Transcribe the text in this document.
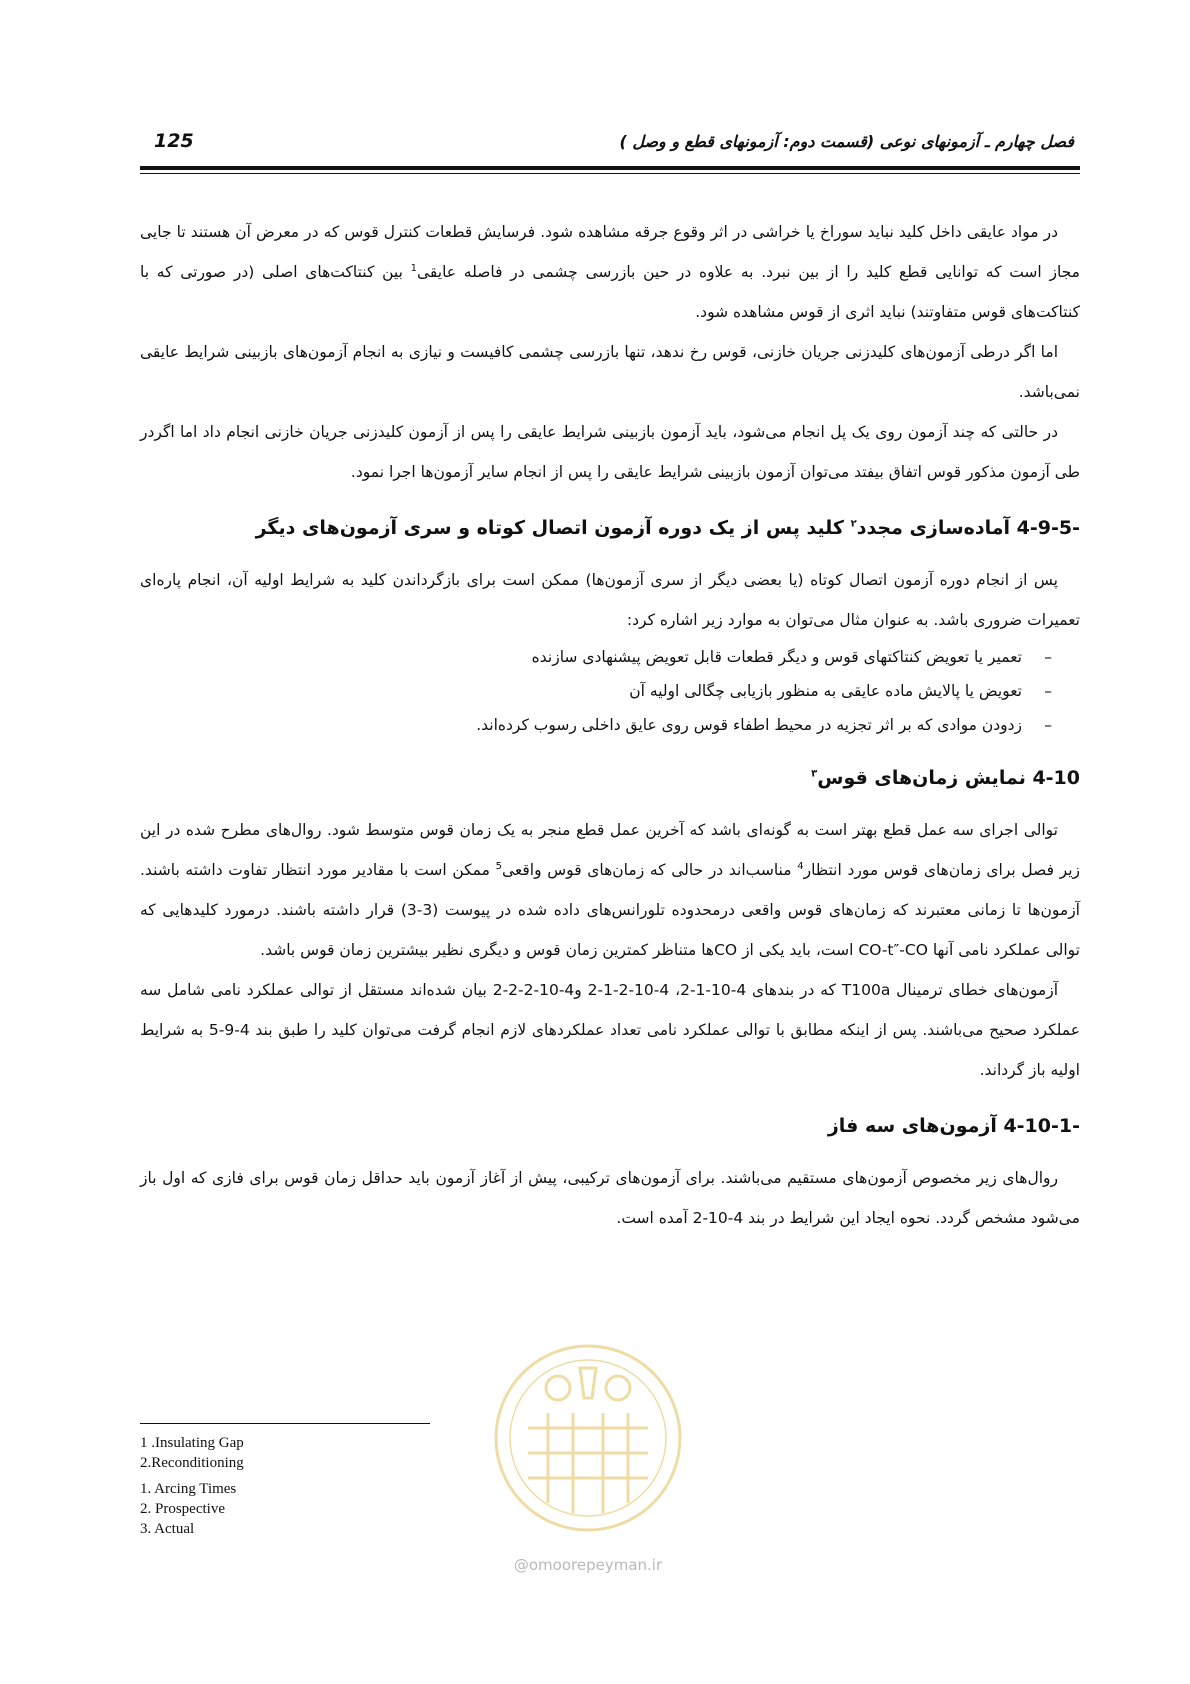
125	فصل چهارم ـ آزمونهای نوعی (قسمت دوم: آزمونهای قطع و وصل )

در مواد عایقی داخل کلید نباید سوراخ یا خراشی در اثر وقوع جرقه مشاهده شود. فرسایش قطعات کنترل قوس که در معرض آن هستند تا جایی مجاز است که توانایی قطع کلید را از بین نبرد. به علاوه در حین بازرسی چشمی در فاصله عایقی$^1$ بین کنتاکت‌های اصلی (در صورتی که با کنتاکت‌های قوس متفاوتند) نباید اثری از قوس مشاهده شود.

اما اگر درطی آزمون‌های کلیدزنی جریان خازنی، قوس رخ ندهد، تنها بازرسی چشمی کافیست و نیازی به انجام آزمون‌های بازبینی شرایط عایقی نمی‌باشد.

در حالتی که چند آزمون روی یک پل انجام می‌شود، باید آزمون بازبینی شرایط عایقی را پس از آزمون کلیدزنی جریان خازنی انجام داد اما اگردر طی آزمون مذکور قوس اتفاق بیفتد می‌توان آزمون بازبینی شرایط عایقی را پس از انجام سایر آزمون‌ها اجرا نمود.

4-9-5- آماده‌سازی مجدد$^۲$ کلید پس از یک دوره آزمون اتصال کوتاه و سری آزمون‌های دیگر

پس از انجام دوره آزمون اتصال کوتاه (یا بعضی دیگر از سری آزمون‌ها) ممکن است برای بازگرداندن کلید به شرایط اولیه آن، انجام پاره‌ای تعمیرات ضروری باشد. به عنوان مثال می‌توان به موارد زیر اشاره کرد:

–
تعمیر یا تعویض کنتاکتهای قوس و دیگر قطعات قابل تعویض پیشنهادی سازنده
–
تعویض یا پالایش ماده عایقی به منظور بازیابی چگالی اولیه آن
–
زدودن موادی که بر اثر تجزیه در محیط اطفاء قوس روی عایق داخلی رسوب کرده‌اند.
4-10 نمایش زمان‌های قوس$^۳$

توالی اجرای سه عمل قطع بهتر است به گونه‌ای باشد که آخرین عمل قطع منجر به یک زمان قوس متوسط شود. روال‌های مطرح شده در این زیر فصل برای زمان‌های قوس مورد انتظار$^4$ مناسب‌اند در حالی که زمان‌های قوس واقعی$^5$ ممکن است با مقادیر مورد انتظار تفاوت داشته باشند. آزمون‌ها تا زمانی معتبرند که زمان‌های قوس واقعی درمحدوده تلورانس‌های داده شده در پیوست (3-3) قرار داشته باشند. درمورد کلیدهایی که توالی عملکرد نامی آنها CO-t″-CO است، باید یکی از COها متناظر کمترین زمان قوس و دیگری نظیر بیشترین زمان قوس باشد.

آزمون‌های خطای ترمینال T100a که در بندهای 4-10-1-2، 4-10-2-1-2 و4-10-2-2-2 بیان شده‌اند مستقل از توالی عملکرد نامی شامل سه عملکرد صحیح می‌باشند. پس از اینکه مطابق با توالی عملکرد نامی تعداد عملکردهای لازم انجام گرفت می‌توان کلید را طبق بند 4-9-5 به شرایط اولیه باز گرداند.

4-10-1- آزمون‌های سه فاز

روال‌های زیر مخصوص آزمون‌های مستقیم می‌باشند. برای آزمون‌های ترکیبی، پیش از آغاز آزمون باید حداقل زمان قوس برای فازی که اول باز می‌شود مشخص گردد. نحوه ایجاد این شرایط در بند 4-10-2 آمده است.

1 .Insulating Gap
2.Reconditioning
1. Arcing Times
2. Prospective
3. Actual
@omoorepeyman.ir
